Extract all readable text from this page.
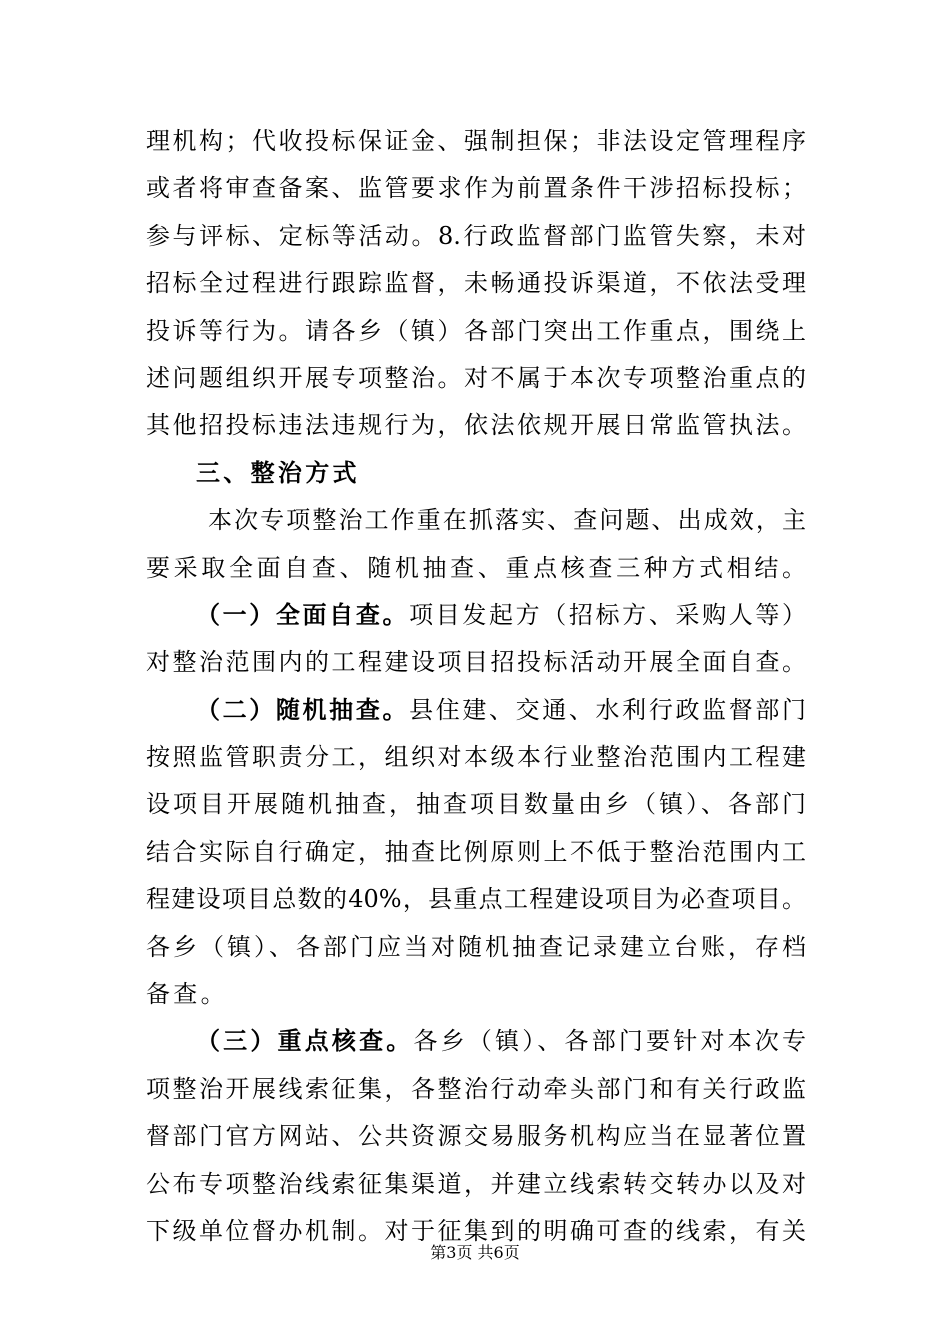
理机构；代收投标保证金、强制担保；非法设定管理程序
或者将审查备案、监管要求作为前置条件干涉招标投标；
参与评标、定标等活动。8.行政监督部门监管失察，未对
招标全过程进行跟踪监督，未畅通投诉渠道，不依法受理
投诉等行为。请各乡（镇）各部门突出工作重点，围绕上
述问题组织开展专项整治。对不属于本次专项整治重点的
其他招投标违法违规行为，依法依规开展日常监管执法。
三、整治方式
本次专项整治工作重在抓落实、查问题、出成效，主
要采取全面自查、随机抽查、重点核查三种方式相结。
（一）全面自查。项目发起方（招标方、采购人等）
对整治范围内的工程建设项目招投标活动开展全面自查。
（二）随机抽查。县住建、交通、水利行政监督部门
按照监管职责分工，组织对本级本行业整治范围内工程建
设项目开展随机抽查，抽查项目数量由乡（镇）、各部门
结合实际自行确定，抽查比例原则上不低于整治范围内工
程建设项目总数的40%，县重点工程建设项目为必查项目。
各乡（镇）、各部门应当对随机抽查记录建立台账，存档
备查。
（三）重点核查。各乡（镇）、各部门要针对本次专
项整治开展线索征集，各整治行动牵头部门和有关行政监
督部门官方网站、公共资源交易服务机构应当在显著位置
公布专项整治线索征集渠道，并建立线索转交转办以及对
下级单位督办机制。对于征集到的明确可查的线索，有关
第3页 共6页
